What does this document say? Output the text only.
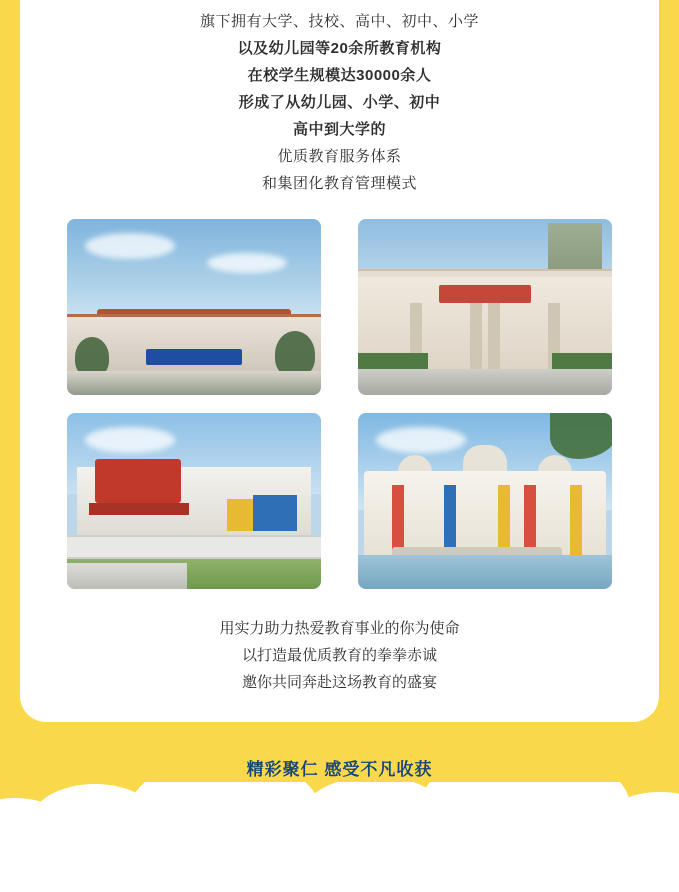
旗下拥有大学、技校、高中、初中、小学
以及幼儿园等20余所教育机构
在校学生规模达30000余人
形成了从幼儿园、小学、初中
高中到大学的
优质教育服务体系
和集团化教育管理模式
用实力助力热爱教育事业的你为使命
以打造最优质教育的拳拳赤诚
邀你共同奔赴这场教育的盛宴
精彩聚仁 感受不凡收获
